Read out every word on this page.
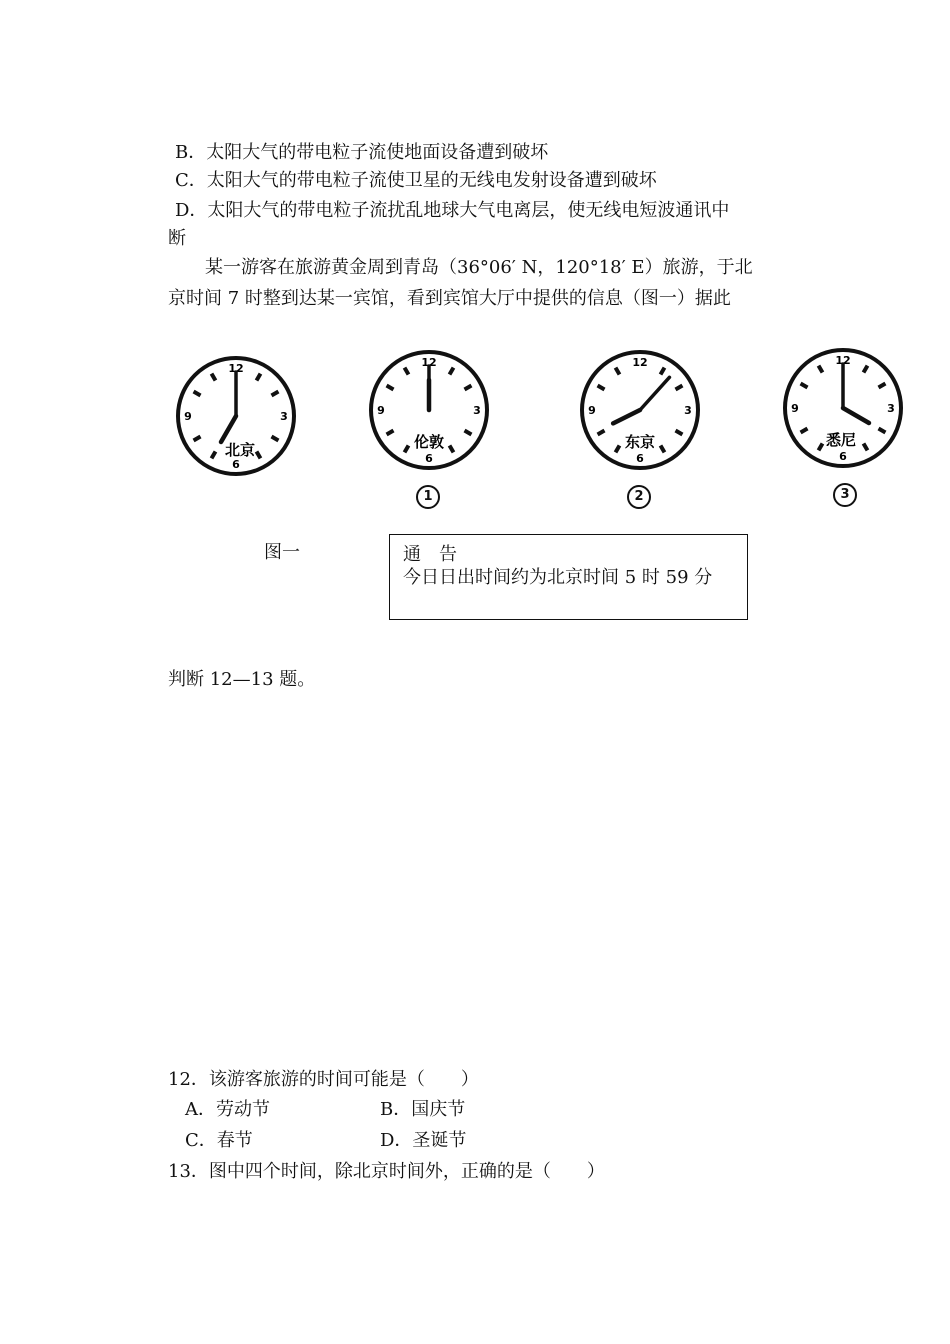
B．太阳大气的带电粒子流使地面设备遭到破坏
C．太阳大气的带电粒子流使卫星的无线电发射设备遭到破坏
D．太阳大气的带电粒子流扰乱地球大气电离层，使无线电短波通讯中
断
某一游客在旅游黄金周到青岛（36°06′ N，120°18′ E）旅游，于北
京时间 7 时整到达某一宾馆，看到宾馆大厅中提供的信息（图一）据此
12
3
6
9
北京
12
3
6
9
伦敦
12
3
6
9
东京
12
3
6
9
悉尼
1	2	3
图一	通　告
今日日出时间约为北京时间 5 时 59 分
判断 12—13 题。
12．该游客旅游的时间可能是（　　）
A．劳动节	B．国庆节
C．春节	D．圣诞节
13．图中四个时间，除北京时间外，正确的是（　　）
